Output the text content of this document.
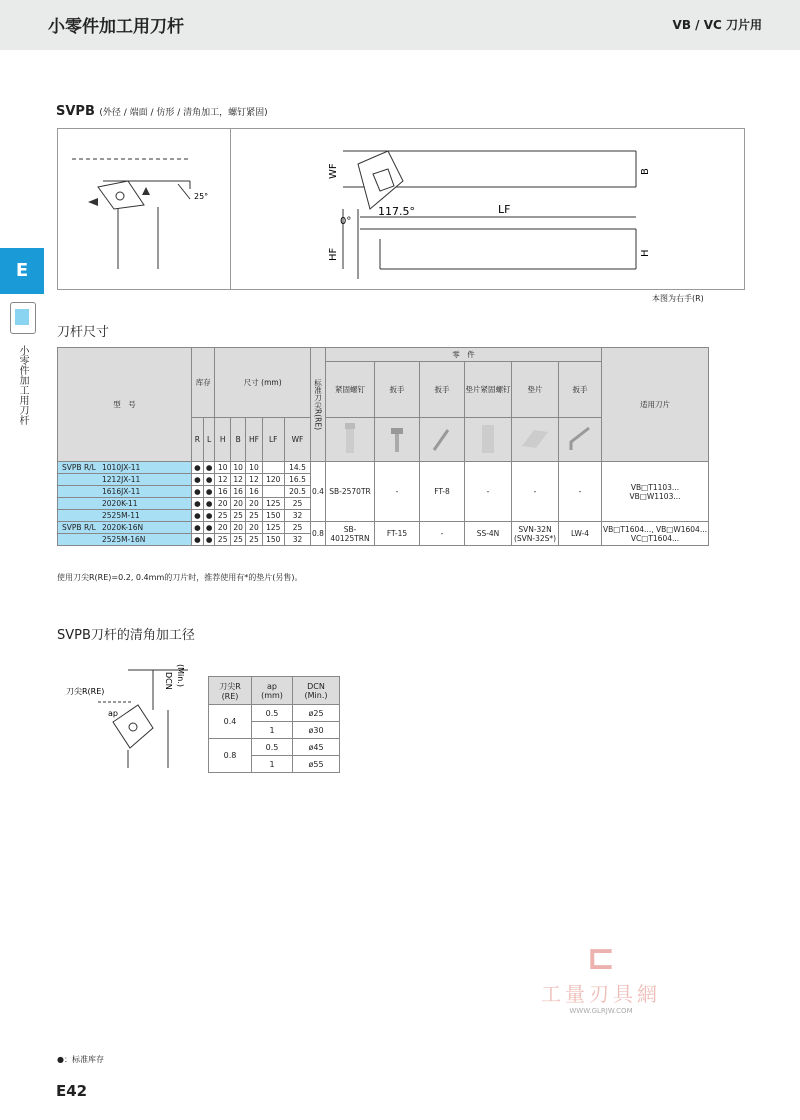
小零件加工用刀杆	VB / VC 刀片用
E
小零件加工用刀杆
SVPB (外径 / 端面 / 仿形 / 清角加工，螺钉紧固)
25°
117.5°
0°
LF
WF	B
HF	H
本图为右手(R)
刀杆尺寸
型　号	库存		尺寸 (mm)					标准刀尖R(RE)	零　件						适用刀片
									紧固螺钉	扳手	扳手	垫片紧固螺钉	垫片	扳手	
	R	L	H	B	HF	LF	WF						
SVPB R/L 1010JX-11	●	●	10	10	10		14.5	0.4	SB-2570TR	-	FT-8	-	-	-	VB□T1103...
VB□W1103...
1212JX-11	●	●	12	12	12	120	16.5								
1616JX-11	●	●	16	16	16		20.5								
2020K-11	●	●	20	20	20	125	25								
2525M-11	●	●	25	25	25	150	32								
SVPB R/L 2020K-16N	●	●	20	20	20	125	25	0.8	SB-40125TRN	FT-15	-	SS-4N	SVN-32N
(SVN-32S*)	LW-4	VB□T1604..., VB□W1604...
VC□T1604...
2525M-16N	●	●	25	25	25	150	32								
使用刀尖R(RE)=0.2, 0.4mm的刀片时，推荐使用有*的垫片(另售)。
SVPB刀杆的清角加工径
刀尖R(RE)
ap
DCN (Min.)	刀尖R
(RE)	ap
(mm)	DCN
(Min.)
0.4	0.5	ø25
	1	ø30
0.8	0.5	ø45
	1	ø55
⊏
工量刃具網
WWW.GLRJW.COM
●：标准库存
E42
